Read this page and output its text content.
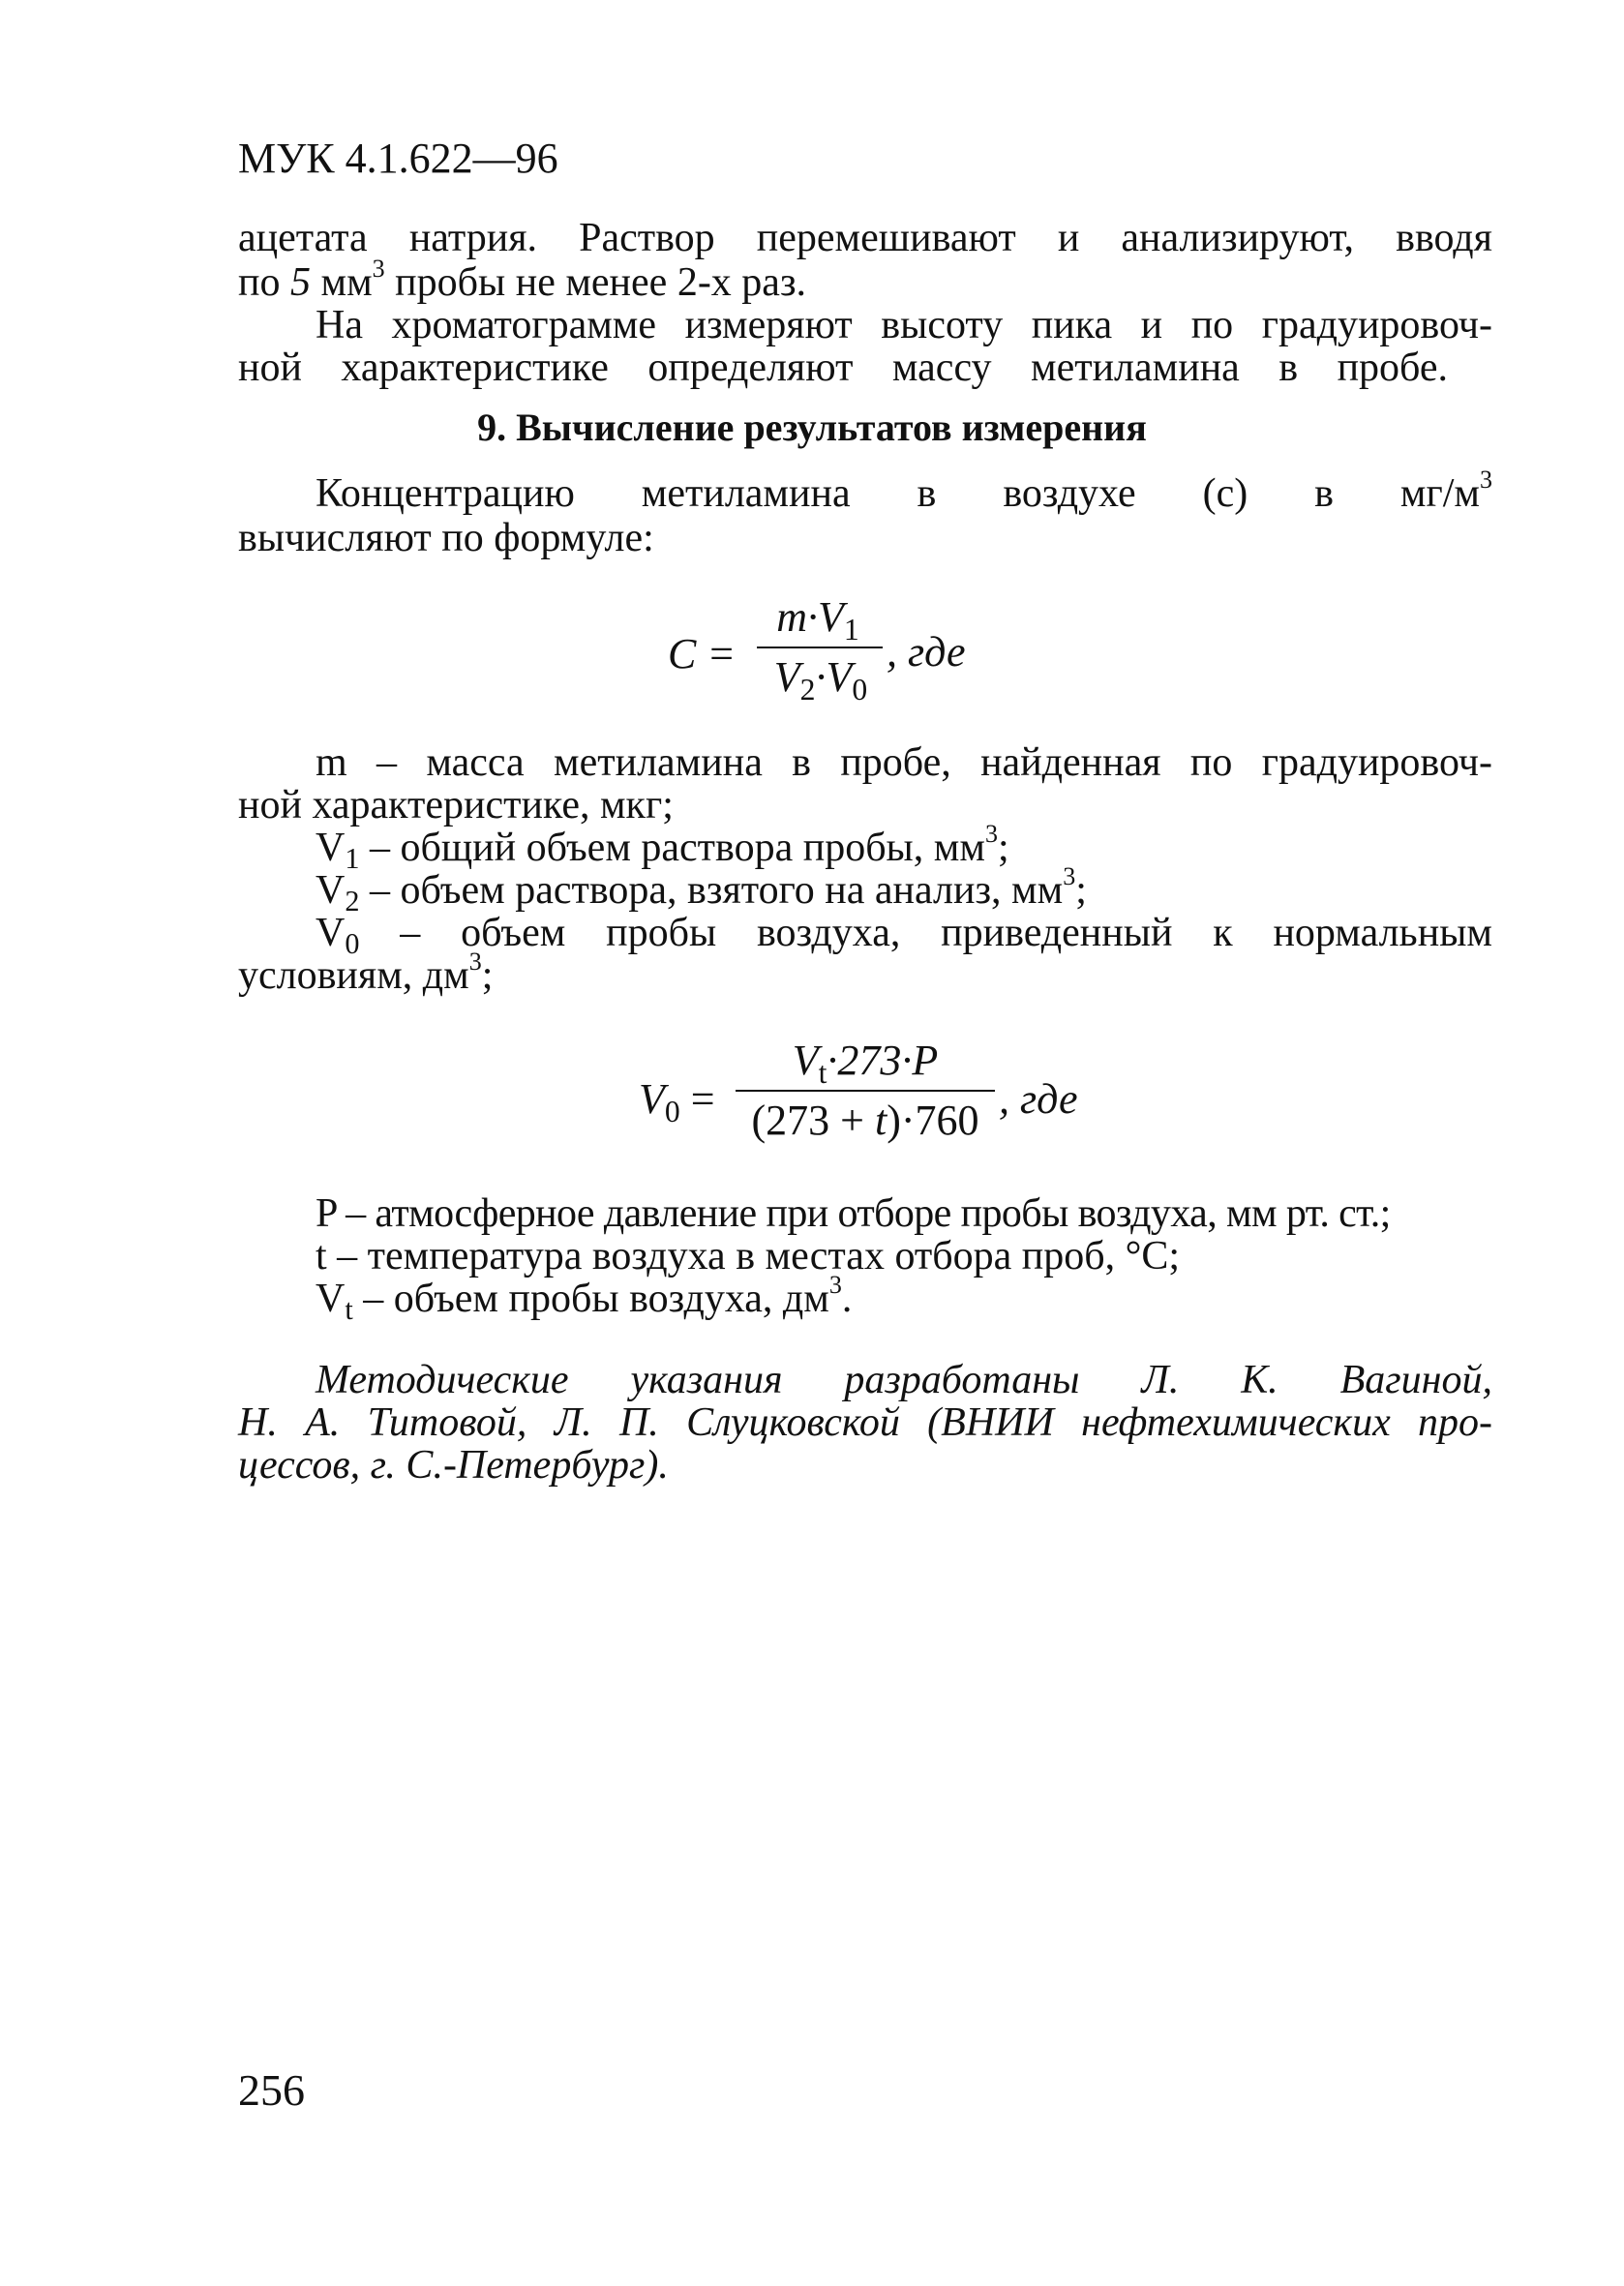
МУК 4.1.622—96
ацетата натрия. Раствор перемешивают и анализируют, вводя
по 5 $мм^3$ пробы не менее 2-х раз.
На хроматограмме измеряют высоту пика и по градуировоч-
ной характеристике определяют массу метиламина в пробе.
9. Вычисление результатов измерения
Концентрацию метиламина в воздухе (с) в $мг/м^3$
вычисляют по формуле:
C =
$m\cdot V_1$
$V_2\cdot V_0$
, где
m – масса метиламина в пробе, найденная по градуировоч-
ной характеристике, мкг;
$V_1$ – общий объем раствора пробы, $мм^3$;
$V_2$ – объем раствора, взятого на анализ, $мм^3$;
$V_0$ – объем пробы воздуха, приведенный к нормальным
условиям, $дм^3$;
$V_0$ =
$V_t\cdot 273\cdot P$
(273 + t)·760 , где
P – атмосферное давление при отборе пробы воздуха, мм рт. ст.;
t – температура воздуха в местах отбора проб, °С;
$V_t$ – объем пробы воздуха, $дм^3$.
Методические указания разработаны Л. К. Вагиной,
Н. А. Титовой, Л. П. Слуцковской (ВНИИ нефтехимических про-
цессов, г. С.-Петербург).
256
